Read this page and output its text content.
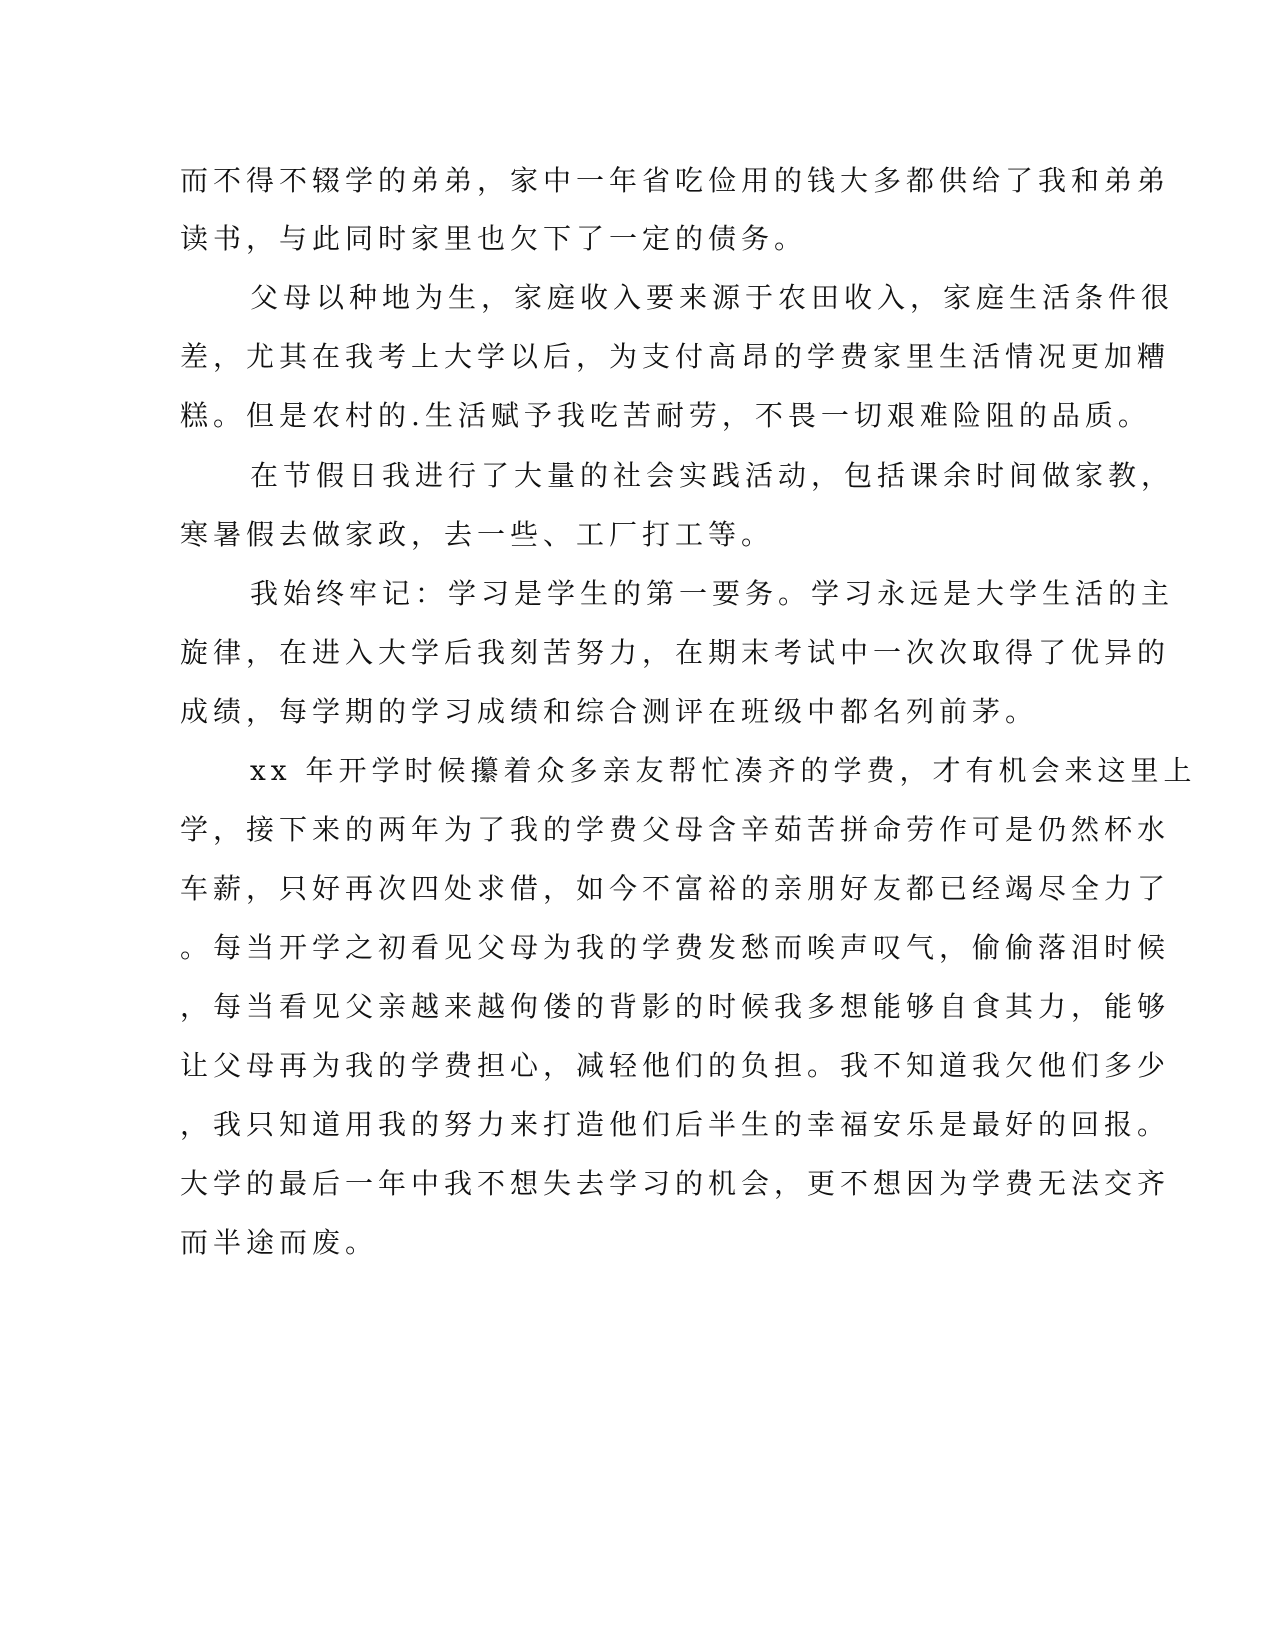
而不得不辍学的弟弟，家中一年省吃俭用的钱大多都供给了我和弟弟
读书，与此同时家里也欠下了一定的债务。
父母以种地为生，家庭收入要来源于农田收入，家庭生活条件很
差，尤其在我考上大学以后，为支付高昂的学费家里生活情况更加糟
糕。但是农村的.生活赋予我吃苦耐劳，不畏一切艰难险阻的品质。
在节假日我进行了大量的社会实践活动，包括课余时间做家教，
寒暑假去做家政，去一些、工厂打工等。
我始终牢记：学习是学生的第一要务。学习永远是大学生活的主
旋律，在进入大学后我刻苦努力，在期末考试中一次次取得了优异的
成绩，每学期的学习成绩和综合测评在班级中都名列前茅。
xx 年开学时候攥着众多亲友帮忙凑齐的学费，才有机会来这里上
学，接下来的两年为了我的学费父母含辛茹苦拼命劳作可是仍然杯水
车薪，只好再次四处求借，如今不富裕的亲朋好友都已经竭尽全力了
。每当开学之初看见父母为我的学费发愁而唉声叹气，偷偷落泪时候
，每当看见父亲越来越佝偻的背影的时候我多想能够自食其力，能够
让父母再为我的学费担心，减轻他们的负担。我不知道我欠他们多少
，我只知道用我的努力来打造他们后半生的幸福安乐是最好的回报。
大学的最后一年中我不想失去学习的机会，更不想因为学费无法交齐
而半途而废。
